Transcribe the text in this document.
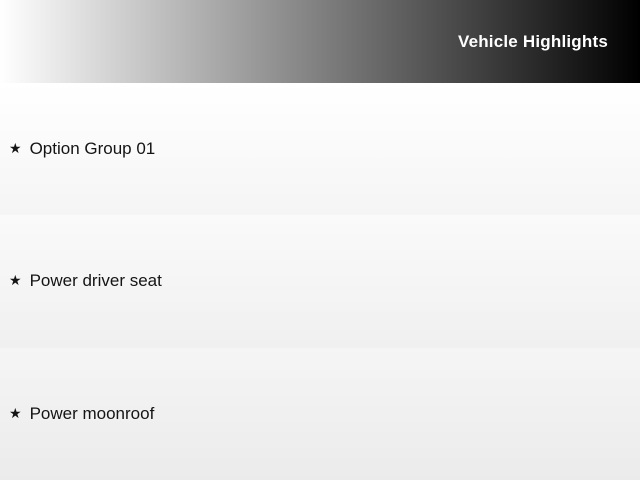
Vehicle Highlights
★ Option Group 01
★ Power driver seat
★ Power moonroof
